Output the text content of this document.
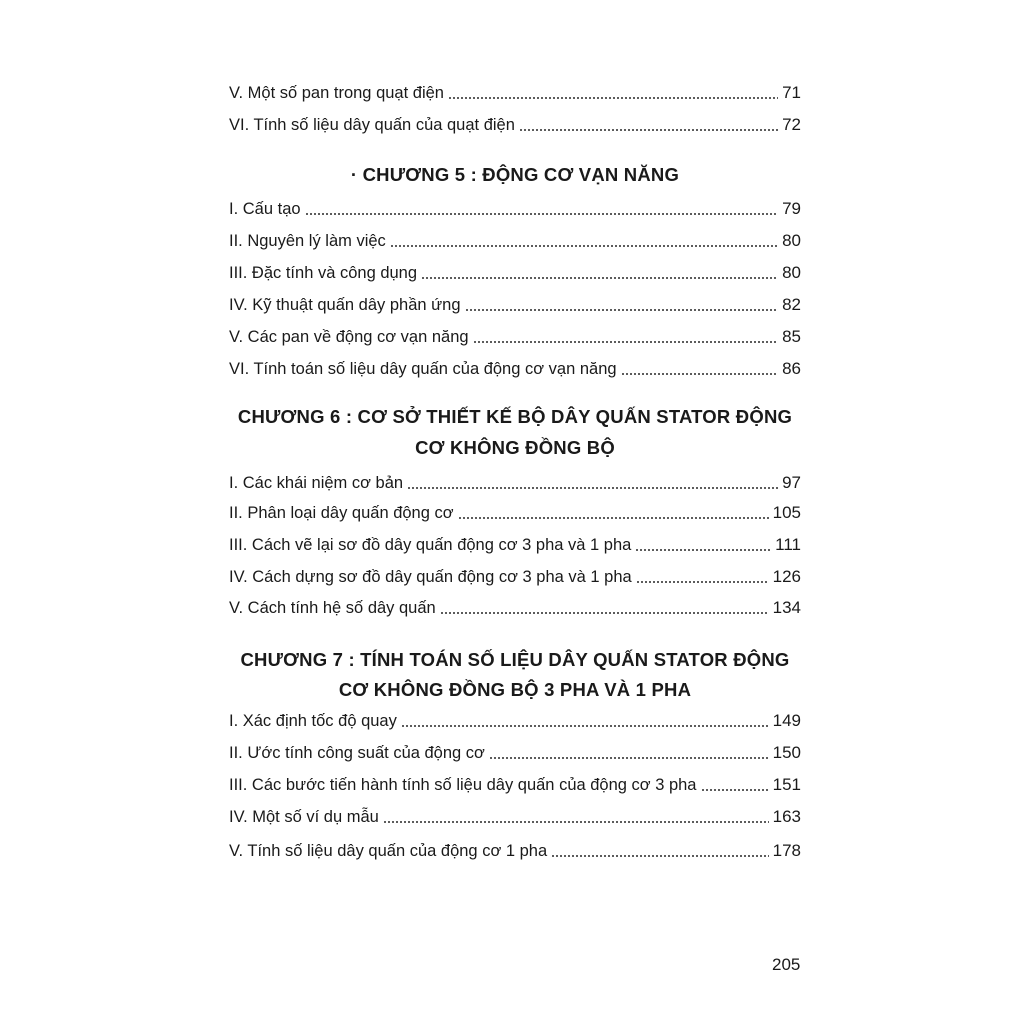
V. Một số pan trong quạt điện	71
VI. Tính số liệu dây quấn của quạt điện	72
· CHƯƠNG 5 : ĐỘNG CƠ VẠN NĂNG
I. Cấu tạo	79
II. Nguyên lý làm việc	80
III. Đặc tính và công dụng	80
IV. Kỹ thuật quấn dây phần ứng	82
V. Các pan về động cơ vạn năng	85
VI. Tính toán số liệu dây quấn của động cơ vạn năng	86
CHƯƠNG 6 : CƠ SỞ THIẾT KẾ BỘ DÂY QUẤN STATOR ĐỘNG
CƠ KHÔNG ĐỒNG BỘ
I. Các khái niệm cơ bản	97
II. Phân loại dây quấn động cơ	105
III. Cách vẽ lại sơ đồ dây quấn động cơ 3 pha và 1 pha	111
IV. Cách dựng sơ đồ dây quấn động cơ 3 pha và 1 pha	126
V. Cách tính hệ số dây quấn	134
CHƯƠNG 7 : TÍNH TOÁN SỐ LIỆU DÂY QUẤN STATOR ĐỘNG
CƠ KHÔNG ĐỒNG BỘ 3 PHA VÀ 1 PHA
I. Xác định tốc độ quay	149
II. Ước tính công suất của động cơ	150
III. Các bước tiến hành tính số liệu dây quấn của động cơ 3 pha	151
IV. Một số ví dụ mẫu	163
V. Tính số liệu dây quấn của động cơ 1 pha	178
205
